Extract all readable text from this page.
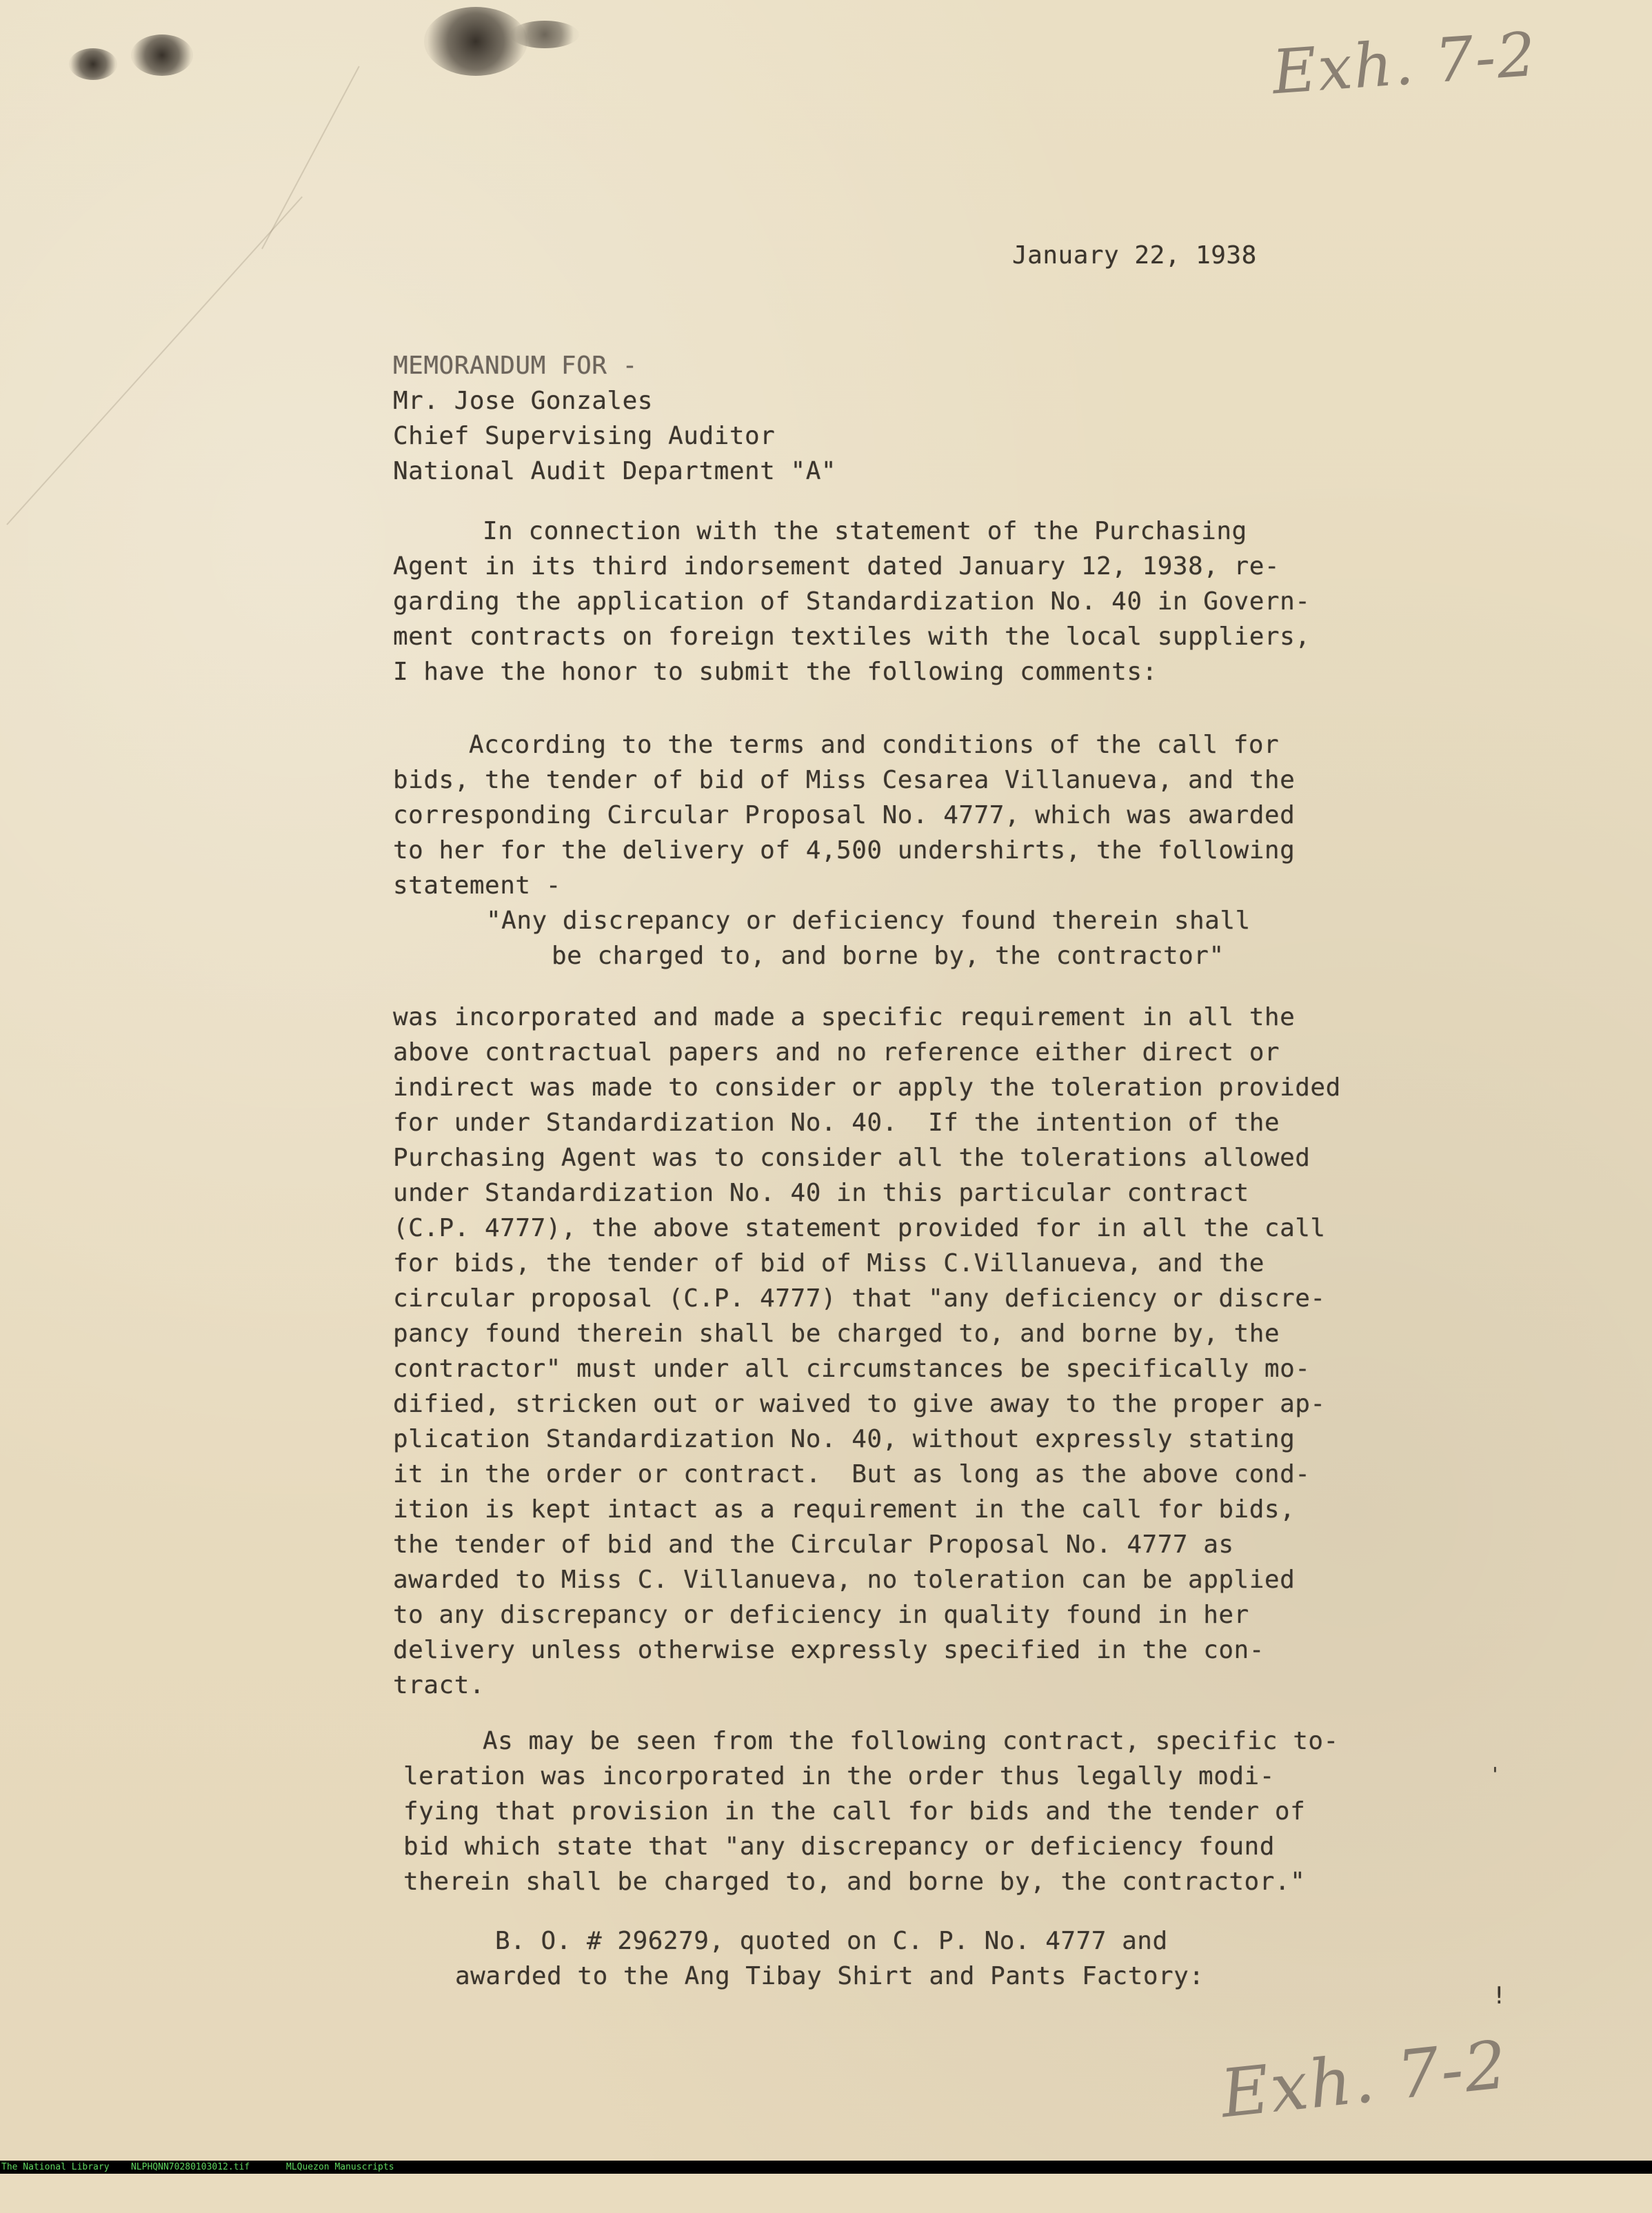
Exh. 7-2
Exh. 7-2
January 22, 1938
MEMORANDUM FOR -
Mr. Jose Gonzales
Chief Supervising Auditor
National Audit Department "A"
In connection with the statement of the Purchasing
Agent in its third indorsement dated January 12, 1938, re-
garding the application of Standardization No. 40 in Govern-
ment contracts on foreign textiles with the local suppliers,
I have the honor to submit the following comments:
According to the terms and conditions of the call for
bids, the tender of bid of Miss Cesarea Villanueva, and the
corresponding Circular Proposal No. 4777, which was awarded
to her for the delivery of 4,500 undershirts, the following
statement -
"Any discrepancy or deficiency found therein shall
be charged to, and borne by, the contractor"
was incorporated and made a specific requirement in all the
above contractual papers and no reference either direct or
indirect was made to consider or apply the toleration provided
for under Standardization No. 40.  If the intention of the
Purchasing Agent was to consider all the tolerations allowed
under Standardization No. 40 in this particular contract
(C.P. 4777), the above statement provided for in all the call
for bids, the tender of bid of Miss C.Villanueva, and the
circular proposal (C.P. 4777) that "any deficiency or discre-
pancy found therein shall be charged to, and borne by, the
contractor" must under all circumstances be specifically mo-
dified, stricken out or waived to give away to the proper ap-
plication Standardization No. 40, without expressly stating
it in the order or contract.  But as long as the above cond-
ition is kept intact as a requirement in the call for bids,
the tender of bid and the Circular Proposal No. 4777 as
awarded to Miss C. Villanueva, no toleration can be applied
to any discrepancy or deficiency in quality found in her
delivery unless otherwise expressly specified in the con-
tract.
As may be seen from the following contract, specific to-
leration was incorporated in the order thus legally modi-
fying that provision in the call for bids and the tender of
bid which state that "any discrepancy or deficiency found
therein shall be charged to, and borne by, the contractor."
B. O. # 296279, quoted on C. P. No. 4777 and
awarded to the Ang Tibay Shirt and Pants Factory:
'
!

The National Library

NLPHQNN70280103012.tif

	MLQuezon Manuscripts
